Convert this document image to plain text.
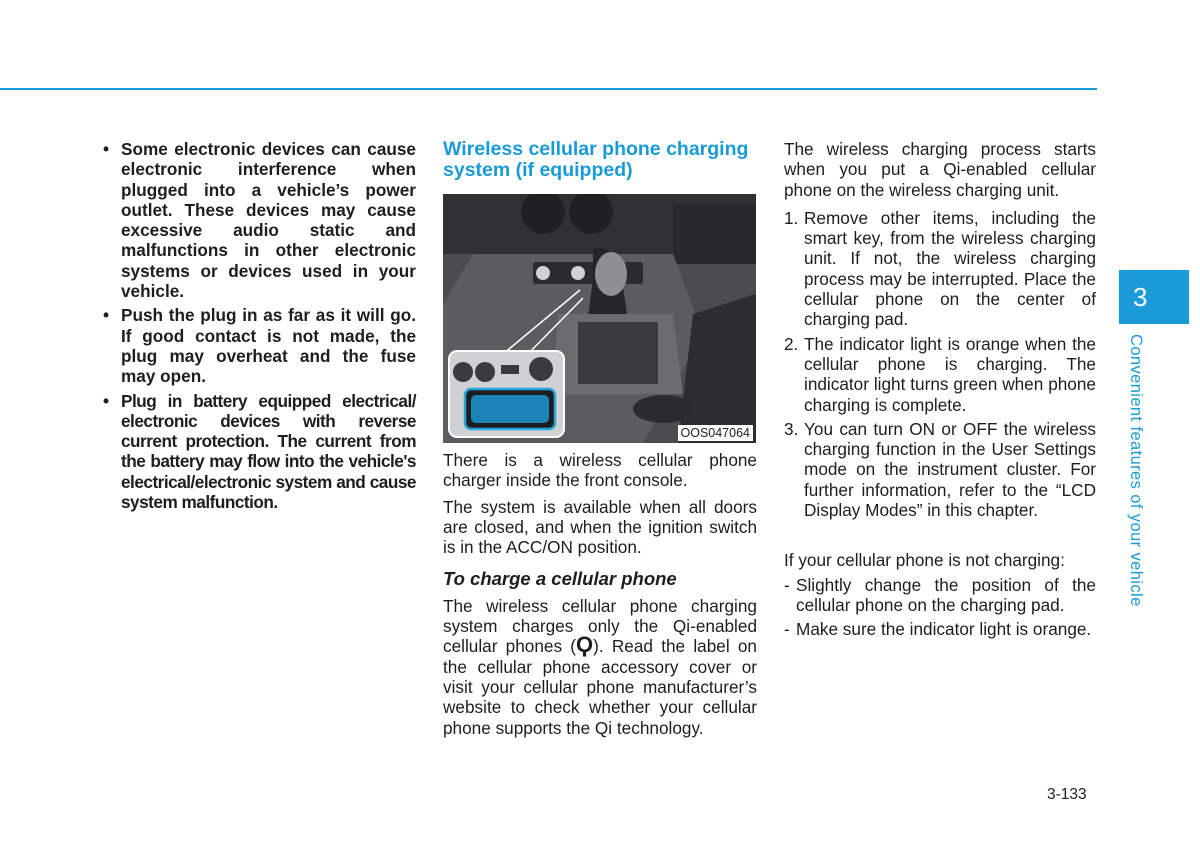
• Some electronic devices can cause electronic interference when plugged into a vehicle’s power outlet. These devices may cause excessive audio static and malfunctions in other electronic systems or devices used in your vehicle.
• Push the plug in as far as it will go. If good contact is not made, the plug may overheat and the fuse may open.
• Plug in battery equipped electrical/ electronic devices with reverse current protection. The current from the battery may flow into the vehicle's electrical/electronic system and cause system malfunction.
Wireless cellular phone charging system (if equipped)
OOS047064

There is a wireless cellular phone charger inside the front console.

The system is available when all doors are closed, and when the ignition switch is in the ACC/ON position.

To charge a cellular phone

The wireless cellular phone charging system charges only the Qi-enabled cellular phones (Ϙ). Read the label on the cellular phone accessory cover or visit your cellular phone manufacturer’s website to check whether your cellular phone supports the Qi technology.

The wireless charging process starts when you put a Qi-enabled cellular phone on the wireless charging unit.

1. Remove other items, including the smart key, from the wireless charging unit. If not, the wireless charging process may be interrupted. Place the cellular phone on the center of charging pad.
2. The indicator light is orange when the cellular phone is charging. The indicator light turns green when phone charging is complete.
3. You can turn ON or OFF the wireless charging function in the User Settings mode on the instrument cluster. For further information, refer to the “LCD Display Modes” in this chapter.

If your cellular phone is not charging:

- Slightly change the position of the cellular phone on the charging pad.
- Make sure the indicator light is orange.
3
Convenient features of your vehicle
3-133
